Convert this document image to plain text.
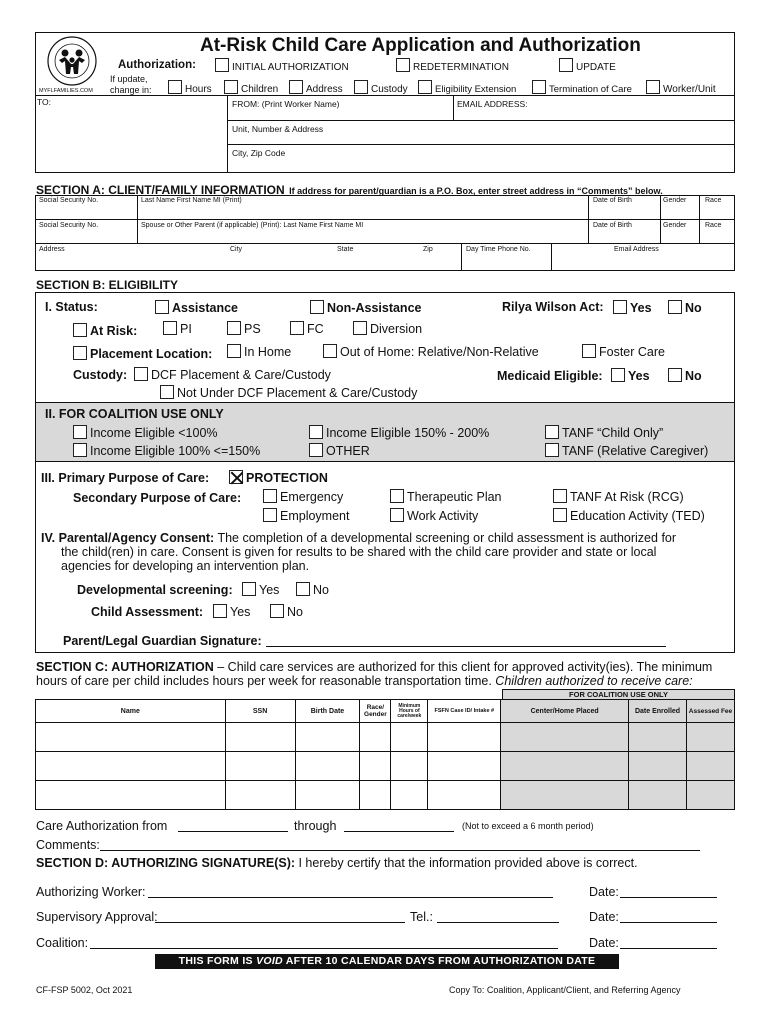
MYFLFAMILIES.COM
At-Risk Child Care Application and Authorization
Authorization:	INITIAL AUTHORIZATION	REDETERMINATION	UPDATE
If update,
change in:	Hours	Children	Address	Custody	Eligibility Extension	Termination of Care	Worker/Unit
TO:	FROM: (Print Worker Name)	EMAIL ADDRESS:
Unit, Number & Address
City, Zip Code
SECTION A: CLIENT/FAMILY INFORMATION If address for parent/guardian is a P.O. Box, enter street address in “Comments” below.
Social Security No.	Last Name First Name MI (Print)	Date of Birth	Gender	Race
Social Security No.	Spouse or Other Parent (if applicable) (Print): Last Name First Name MI	Date of Birth	Gender	Race
Address	City	State	Zip	Day Time Phone No.	Email Address
SECTION B: ELIGIBILITY
I. Status:	Assistance	Non-Assistance	Rilya Wilson Act:	Yes	No
At Risk:	PI	PS	FC	Diversion
Placement Location:	In Home	Out of Home: Relative/Non-Relative	Foster Care
Custody:	DCF Placement & Care/Custody
Not Under DCF Placement & Care/Custody
Medicaid Eligible:	Yes	No
II. FOR COALITION USE ONLY
Income Eligible <100%	Income Eligible 150% - 200%	TANF “Child Only”
Income Eligible 100% <=150%	OTHER	TANF (Relative Caregiver)
III. Primary Purpose of Care:	PROTECTION
Secondary Purpose of Care:	Emergency	Therapeutic Plan	TANF At Risk (RCG)
Employment	Work Activity	Education Activity (TED)
IV. Parental/Agency Consent: The completion of a developmental screening or child assessment is authorized for
the child(ren) in care. Consent is given for results to be shared with the child care provider and state or local
agencies for developing an intervention plan.
Developmental screening:	Yes	No
Child Assessment:	Yes	No
Parent/Legal Guardian Signature:
SECTION C: AUTHORIZATION – Child care services are authorized for this client for approved activity(ies). The minimum
hours of care per child includes hours per week for reasonable transportation time. Children authorized to receive care:
FOR COALITION USE ONLY
Name	SSN	Birth Date	Race/ Gender	Minimum Hours of care/week	FSFN Case ID/ Intake #	Center/Home Placed	Date Enrolled	Assessed Fee

Care Authorization from	through	(Not to exceed a 6 month period)
Comments:
SECTION D: AUTHORIZING SIGNATURE(S): I hereby certify that the information provided above is correct.
Authorizing Worker:	Date:
Supervisory Approval:	Tel.:	Date:
Coalition:	Date:
THIS FORM IS VOID AFTER 10 CALENDAR DAYS FROM AUTHORIZATION DATE
CF-FSP 5002, Oct 2021	Copy To: Coalition, Applicant/Client, and Referring Agency
